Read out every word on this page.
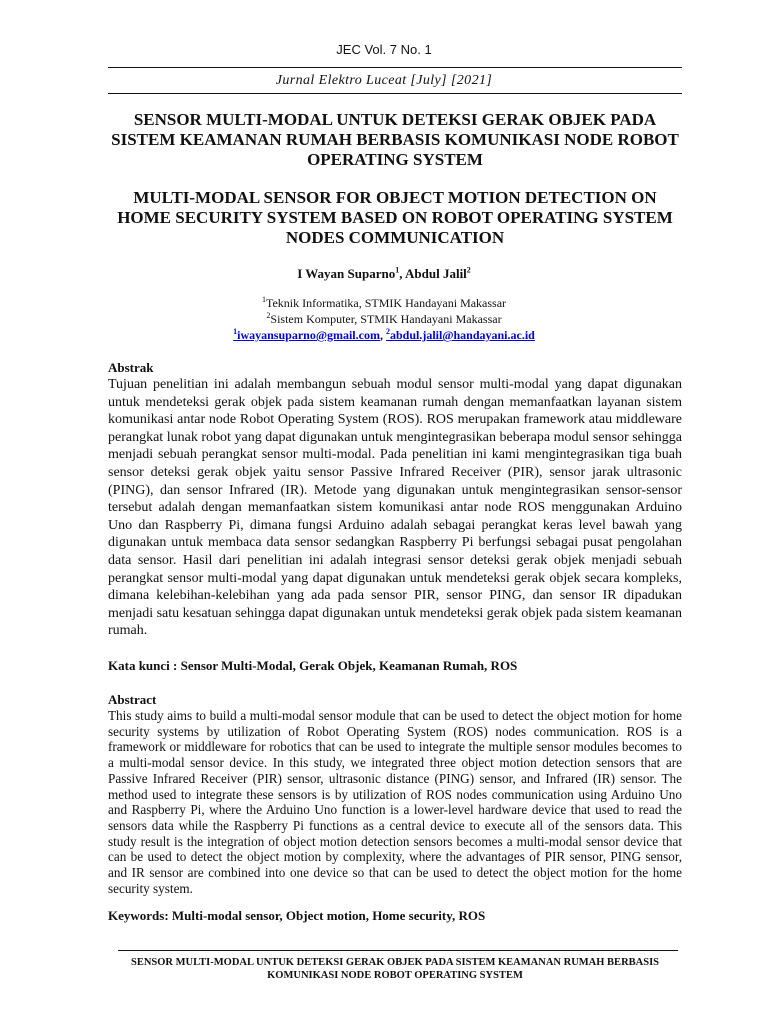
JEC Vol. 7 No. 1
Jurnal Elektro Luceat [July] [2021]
SENSOR MULTI-MODAL UNTUK DETEKSI GERAK OBJEK PADA SISTEM KEAMANAN RUMAH BERBASIS KOMUNIKASI NODE ROBOT OPERATING SYSTEM
MULTI-MODAL SENSOR FOR OBJECT MOTION DETECTION ON HOME SECURITY SYSTEM BASED ON ROBOT OPERATING SYSTEM NODES COMMUNICATION
I Wayan Suparno$^1$, Abdul Jalil$^2$
$^1$Teknik Informatika, STMIK Handayani Makassar
$^2$Sistem Komputer, STMIK Handayani Makassar
$^1$iwayansuparno@gmail.com, $^2$abdul.jalil@handayani.ac.id
Abstrak

Tujuan penelitian ini adalah membangun sebuah modul sensor multi-modal yang dapat digunakan untuk mendeteksi gerak objek pada sistem keamanan rumah dengan memanfaatkan layanan sistem komunikasi antar node Robot Operating System (ROS). ROS merupakan framework atau middleware perangkat lunak robot yang dapat digunakan untuk mengintegrasikan beberapa modul sensor sehingga menjadi sebuah perangkat sensor multi-modal. Pada penelitian ini kami mengintegrasikan tiga buah sensor deteksi gerak objek yaitu sensor Passive Infrared Receiver (PIR), sensor jarak ultrasonic (PING), dan sensor Infrared (IR). Metode yang digunakan untuk mengintegrasikan sensor-sensor tersebut adalah dengan memanfaatkan sistem komunikasi antar node ROS menggunakan Arduino Uno dan Raspberry Pi, dimana fungsi Arduino adalah sebagai perangkat keras level bawah yang digunakan untuk membaca data sensor sedangkan Raspberry Pi berfungsi sebagai pusat pengolahan data sensor. Hasil dari penelitian ini adalah integrasi sensor deteksi gerak objek menjadi sebuah perangkat sensor multi-modal yang dapat digunakan untuk mendeteksi gerak objek secara kompleks, dimana kelebihan-kelebihan yang ada pada sensor PIR, sensor PING, dan sensor IR dipadukan menjadi satu kesatuan sehingga dapat digunakan untuk mendeteksi gerak objek pada sistem keamanan rumah.

Kata kunci : Sensor Multi-Modal, Gerak Objek, Keamanan Rumah, ROS
Abstract

This study aims to build a multi-modal sensor module that can be used to detect the object motion for home security systems by utilization of Robot Operating System (ROS) nodes communication. ROS is a framework or middleware for robotics that can be used to integrate the multiple sensor modules becomes to a multi-modal sensor device. In this study, we integrated three object motion detection sensors that are Passive Infrared Receiver (PIR) sensor, ultrasonic distance (PING) sensor, and Infrared (IR) sensor. The method used to integrate these sensors is by utilization of ROS nodes communication using Arduino Uno and Raspberry Pi, where the Arduino Uno function is a lower-level hardware device that used to read the sensors data while the Raspberry Pi functions as a central device to execute all of the sensors data. This study result is the integration of object motion detection sensors becomes a multi-modal sensor device that can be used to detect the object motion by complexity, where the advantages of PIR sensor, PING sensor, and IR sensor are combined into one device so that can be used to detect the object motion for the home security system.

Keywords: Multi-modal sensor, Object motion, Home security, ROS
SENSOR MULTI-MODAL UNTUK DETEKSI GERAK OBJEK PADA SISTEM KEAMANAN RUMAH BERBASIS KOMUNIKASI NODE ROBOT OPERATING SYSTEM
